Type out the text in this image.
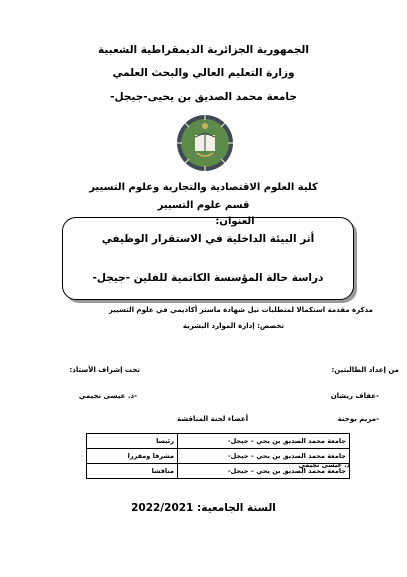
الجمهورية الجزائرية الديمقراطية الشعبية
وزارة التعليم العالي والبحث العلمي
جامعة محمد الصديق بن يحيى-جيجل-
كلية العلوم الاقتصادية والتجارية وعلوم التسيير
قسم علوم التسيير
العنوان:
أثر البيئة الداخلية في الاستقرار الوظيفي
دراسة حالة المؤسسة الكاتمية للفلين -جيجل-
مذكرة مقدمة استكمالا لمتطلبات نيل شهادة ماستر أكاديمي في علوم التسيير
تخصص: إدارة الموارد البشرية
من إعداد الطالبتين:
-عفاف ريشان
-مريم بوحنة
تحت إشراف الأستاذ:
-د. عيسى نجيمي
أعضاء لجنة المناقشة
جامعة محمد الصديق بن يحي – جيجل-	رئيسا
جامعة محمد الصديق بن يحي – جيجل-	مشرفا ومقررا
جامعة محمد الصديق بن يحي – جيجل-	مناقشا
د. عيسى نجيمي
السنة الجامعية: 2022/2021
